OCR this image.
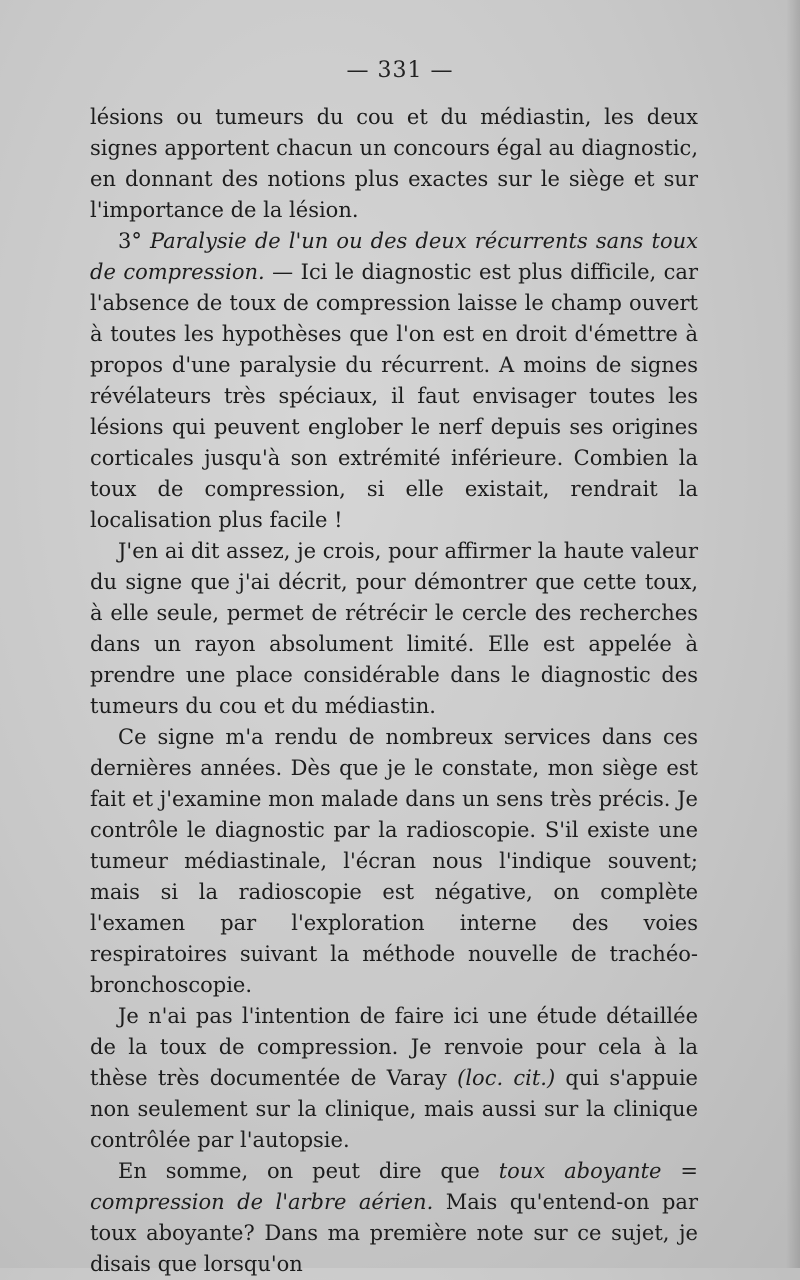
— 331 —

lésions ou tumeurs du cou et du médiastin, les deux signes apportent chacun un concours égal au diagnostic, en donnant des notions plus exactes sur le siège et sur l'importance de la lésion.

3° Paralysie de l'un ou des deux récurrents sans toux de compression. — Ici le diagnostic est plus difficile, car l'absence de toux de compression laisse le champ ouvert à toutes les hypothèses que l'on est en droit d'émettre à propos d'une paralysie du récurrent. A moins de signes révélateurs très spéciaux, il faut envisager toutes les lésions qui peuvent englober le nerf depuis ses origines corticales jusqu'à son extrémité inférieure. Combien la toux de compression, si elle existait, rendrait la localisation plus facile !

J'en ai dit assez, je crois, pour affirmer la haute valeur du signe que j'ai décrit, pour démontrer que cette toux, à elle seule, permet de rétrécir le cercle des recherches dans un rayon absolument limité. Elle est appelée à prendre une place considérable dans le diagnostic des tumeurs du cou et du médiastin.

Ce signe m'a rendu de nombreux services dans ces dernières années. Dès que je le constate, mon siège est fait et j'examine mon malade dans un sens très précis. Je contrôle le diagnostic par la radioscopie. S'il existe une tumeur médiastinale, l'écran nous l'indique souvent; mais si la radioscopie est négative, on complète l'examen par l'exploration interne des voies respiratoires suivant la méthode nouvelle de trachéo-bronchoscopie.

Je n'ai pas l'intention de faire ici une étude détaillée de la toux de compression. Je renvoie pour cela à la thèse très documentée de Varay (loc. cit.) qui s'appuie non seulement sur la clinique, mais aussi sur la clinique contrôlée par l'autopsie.

En somme, on peut dire que toux aboyante = compression de l'arbre aérien. Mais qu'entend-on par toux aboyante? Dans ma première note sur ce sujet, je disais que lorsqu'on
